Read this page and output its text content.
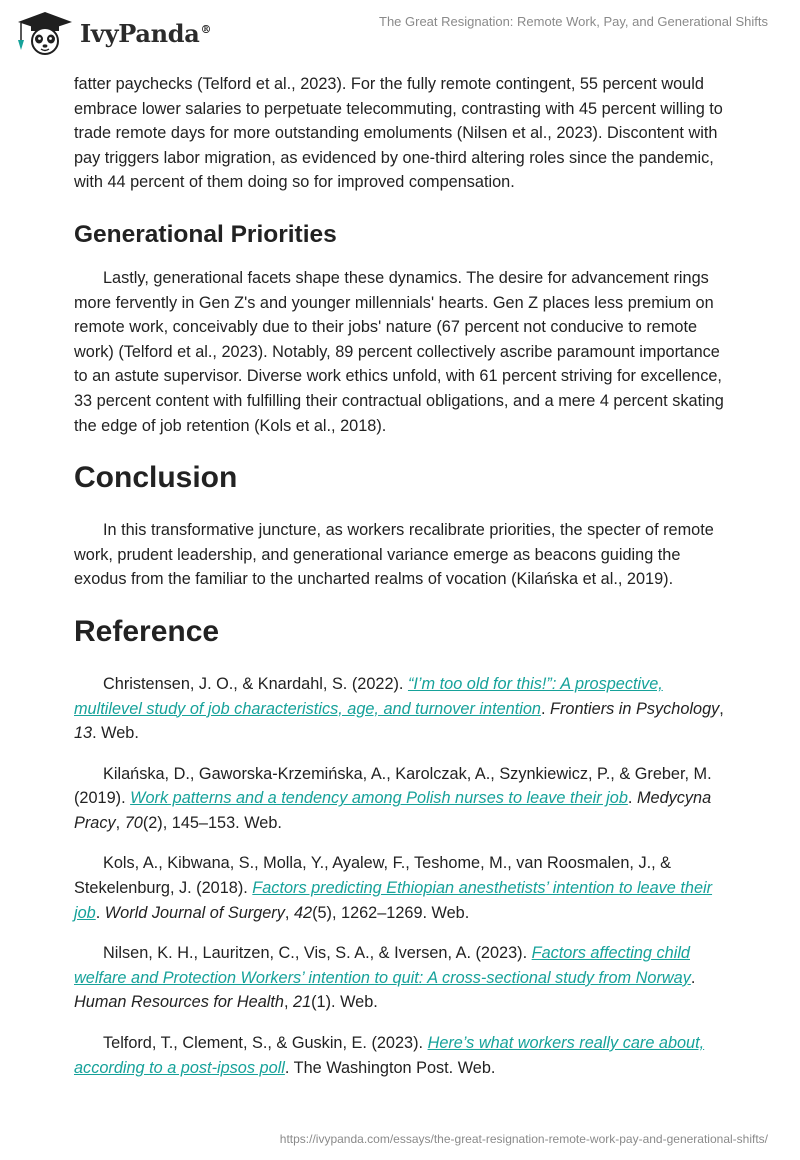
IvyPanda®	The Great Resignation: Remote Work, Pay, and Generational Shifts

fatter paychecks (Telford et al., 2023). For the fully remote contingent, 55 percent would embrace lower salaries to perpetuate telecommuting, contrasting with 45 percent willing to trade remote days for more outstanding emoluments (Nilsen et al., 2023). Discontent with pay triggers labor migration, as evidenced by one-third altering roles since the pandemic, with 44 percent of them doing so for improved compensation.

Generational Priorities

Lastly, generational facets shape these dynamics. The desire for advancement rings more fervently in Gen Z's and younger millennials' hearts. Gen Z places less premium on remote work, conceivably due to their jobs' nature (67 percent not conducive to remote work) (Telford et al., 2023). Notably, 89 percent collectively ascribe paramount importance to an astute supervisor. Diverse work ethics unfold, with 61 percent striving for excellence, 33 percent content with fulfilling their contractual obligations, and a mere 4 percent skating the edge of job retention (Kols et al., 2018).

Conclusion

In this transformative juncture, as workers recalibrate priorities, the specter of remote work, prudent leadership, and generational variance emerge as beacons guiding the exodus from the familiar to the uncharted realms of vocation (Kilańska et al., 2019).

Reference

Christensen, J. O., & Knardahl, S. (2022). “I’m too old for this!”: A prospective, multilevel study of job characteristics, age, and turnover intention. Frontiers in Psychology, 13. Web.

Kilańska, D., Gaworska-Krzemińska, A., Karolczak, A., Szynkiewicz, P., & Greber, M. (2019). Work patterns and a tendency among Polish nurses to leave their job. Medycyna Pracy, 70(2), 145–153. Web.

Kols, A., Kibwana, S., Molla, Y., Ayalew, F., Teshome, M., van Roosmalen, J., & Stekelenburg, J. (2018). Factors predicting Ethiopian anesthetists’ intention to leave their job. World Journal of Surgery, 42(5), 1262–1269. Web.

Nilsen, K. H., Lauritzen, C., Vis, S. A., & Iversen, A. (2023). Factors affecting child welfare and Protection Workers’ intention to quit: A cross-sectional study from Norway. Human Resources for Health, 21(1). Web.

Telford, T., Clement, S., & Guskin, E. (2023). Here’s what workers really care about, according to a post-ipsos poll. The Washington Post. Web.

https://ivypanda.com/essays/the-great-resignation-remote-work-pay-and-generational-shifts/
